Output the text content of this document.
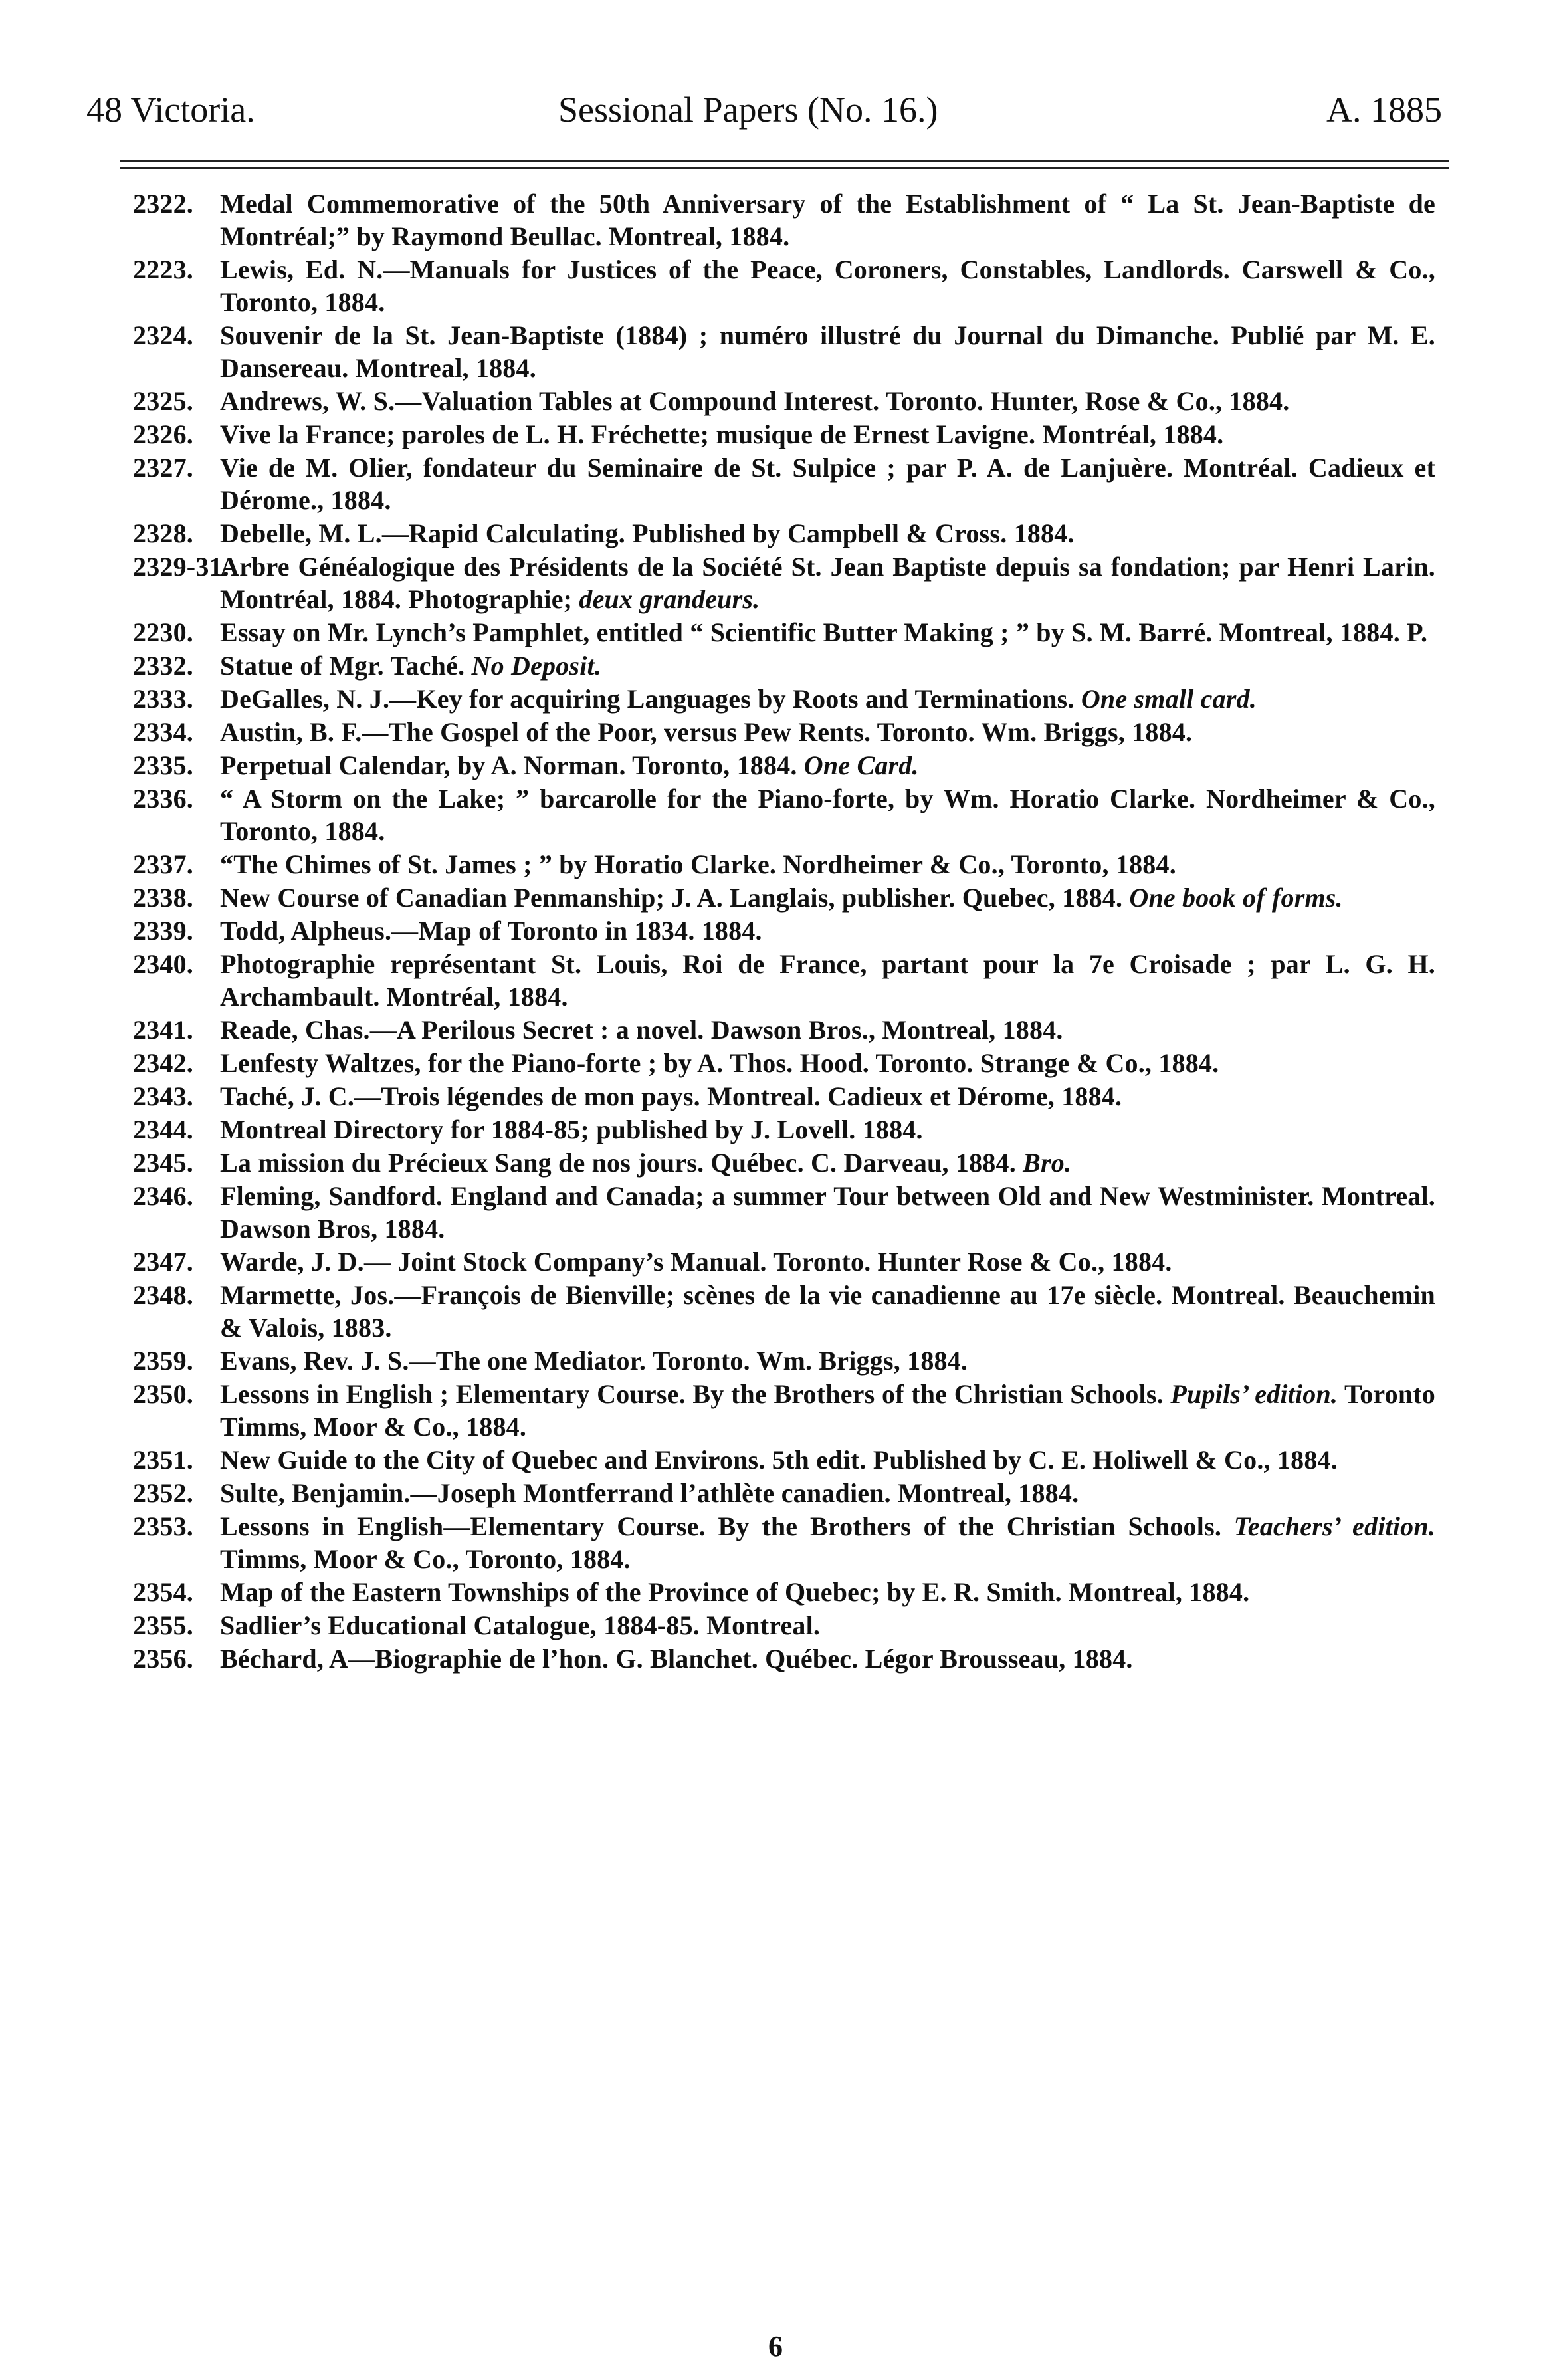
48 Victoria.	Sessional Papers (No. 16.)	A. 1885
2322. Medal Commemorative of the 50th Anniversary of the Establishment of “ La St. Jean-Baptiste de Montréal;” by Raymond Beullac. Montreal, 1884.
2223. Lewis, Ed. N.—Manuals for Justices of the Peace, Coroners, Constables, Landlords. Carswell & Co., Toronto, 1884.
2324. Souvenir de la St. Jean-Baptiste (1884) ; numéro illustré du Journal du Dimanche. Publié par M. E. Dansereau. Montreal, 1884.
2325. Andrews, W. S.—Valuation Tables at Compound Interest. Toronto. Hunter, Rose & Co., 1884.
2326. Vive la France; paroles de L. H. Fréchette; musique de Ernest Lavigne. Montréal, 1884.
2327. Vie de M. Olier, fondateur du Seminaire de St. Sulpice ; par P. A. de Lanjuère. Montréal. Cadieux et Dérome., 1884.
2328. Debelle, M. L.—Rapid Calculating. Published by Campbell & Cross. 1884.
2329-31.
Arbre Généalogique des Présidents de la Société St. Jean Baptiste depuis sa fondation; par Henri Larin. Montréal, 1884. Photographie; deux grandeurs.
2230. Essay on Mr. Lynch’s Pamphlet, entitled “ Scientific Butter Making ; ” by S. M. Barré. Montreal, 1884. P.
2332. Statue of Mgr. Taché. No Deposit.
2333. DeGalles, N. J.—Key for acquiring Languages by Roots and Terminations. One small card.
2334. Austin, B. F.—The Gospel of the Poor, versus Pew Rents. Toronto. Wm. Briggs, 1884.
2335. Perpetual Calendar, by A. Norman. Toronto, 1884. One Card.
2336. “ A Storm on the Lake; ” barcarolle for the Piano-forte, by Wm. Horatio Clarke. Nordheimer & Co., Toronto, 1884.
2337. “The Chimes of St. James ; ” by Horatio Clarke. Nordheimer & Co., Toronto, 1884.
2338. New Course of Canadian Penmanship; J. A. Langlais, publisher. Quebec, 1884. One book of forms.
2339. Todd, Alpheus.—Map of Toronto in 1834. 1884.
2340. Photographie représentant St. Louis, Roi de France, partant pour la 7e Croisade ; par L. G. H. Archambault. Montréal, 1884.
2341. Reade, Chas.—A Perilous Secret : a novel. Dawson Bros., Montreal, 1884.
2342. Lenfesty Waltzes, for the Piano-forte ; by A. Thos. Hood. Toronto. Strange & Co., 1884.
2343. Taché, J. C.—Trois légendes de mon pays. Montreal. Cadieux et Dérome, 1884.
2344. Montreal Directory for 1884-85; published by J. Lovell. 1884.
2345. La mission du Précieux Sang de nos jours. Québec. C. Darveau, 1884. Bro.
2346. Fleming, Sandford. England and Canada; a summer Tour between Old and New Westminister. Montreal. Dawson Bros, 1884.
2347. Warde, J. D.— Joint Stock Company’s Manual. Toronto. Hunter Rose & Co., 1884.
2348. Marmette, Jos.—François de Bienville; scènes de la vie canadienne au 17e siècle. Montreal. Beauchemin & Valois, 1883.
2359. Evans, Rev. J. S.—The one Mediator. Toronto. Wm. Briggs, 1884.
2350. Lessons in English ; Elementary Course. By the Brothers of the Christian Schools. Pupils’ edition. Toronto Timms, Moor & Co., 1884.
2351. New Guide to the City of Quebec and Environs. 5th edit. Published by C. E. Holiwell & Co., 1884.
2352. Sulte, Benjamin.—Joseph Montferrand l’athlète canadien. Montreal, 1884.
2353. Lessons in English—Elementary Course. By the Brothers of the Christian Schools. Teachers’ edition. Timms, Moor & Co., Toronto, 1884.
2354. Map of the Eastern Townships of the Province of Quebec; by E. R. Smith. Montreal, 1884.
2355. Sadlier’s Educational Catalogue, 1884-85. Montreal.
2356. Béchard, A—Biographie de l’hon. G. Blanchet. Québec. Légor Brousseau, 1884.
6
